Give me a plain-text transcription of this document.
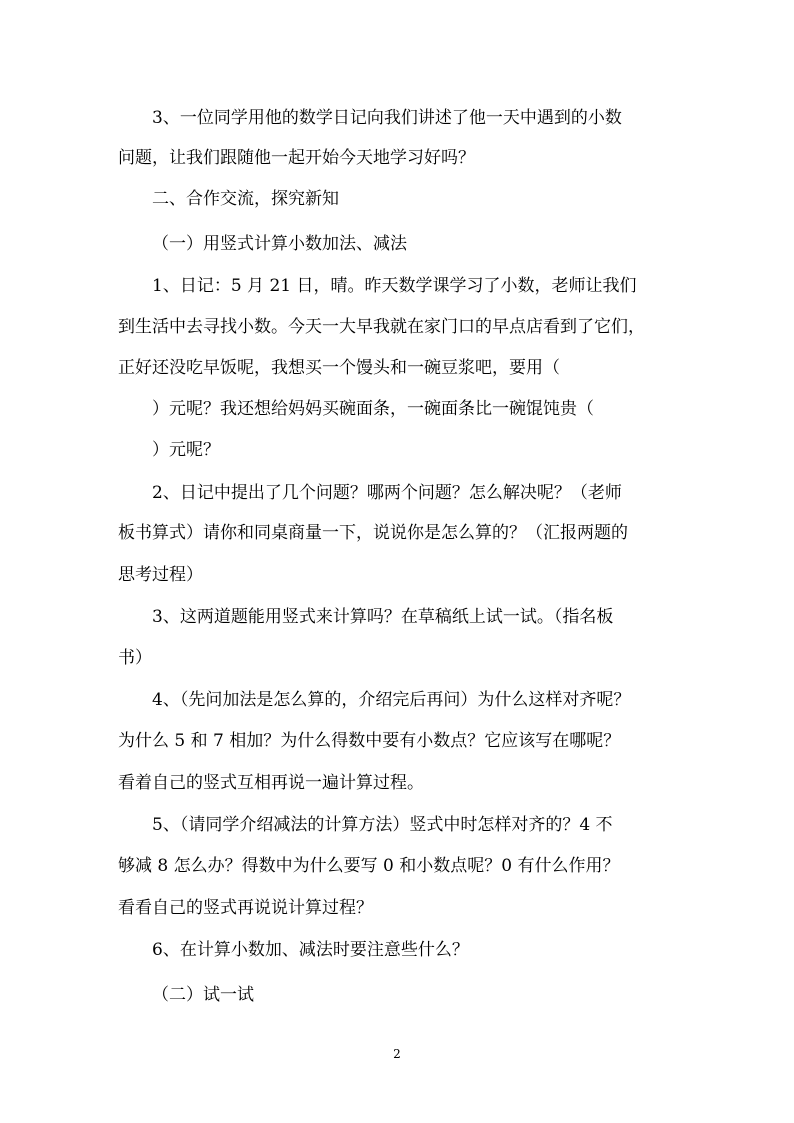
3、一位同学用他的数学日记向我们讲述了他一天中遇到的小数
问题，让我们跟随他一起开始今天地学习好吗？
二、合作交流，探究新知
（一）用竖式计算小数加法、减法
1、日记：5 月 21 日，晴。昨天数学课学习了小数，老师让我们
到生活中去寻找小数。今天一大早我就在家门口的早点店看到了它们，
正好还没吃早饭呢，我想买一个馒头和一碗豆浆吧，要用（
）元呢？我还想给妈妈买碗面条，一碗面条比一碗馄饨贵（
）元呢？
2、日记中提出了几个问题？哪两个问题？怎么解决呢？（老师
板书算式）请你和同桌商量一下，说说你是怎么算的？（汇报两题的
思考过程）
3、这两道题能用竖式来计算吗？在草稿纸上试一试。（指名板
书）
4、（先问加法是怎么算的，介绍完后再问）为什么这样对齐呢？
为什么 5 和 7 相加？为什么得数中要有小数点？它应该写在哪呢？
看着自己的竖式互相再说一遍计算过程。
5、（请同学介绍减法的计算方法）竖式中时怎样对齐的？4 不
够减 8 怎么办？得数中为什么要写 0 和小数点呢？0 有什么作用？
看看自己的竖式再说说计算过程？
6、在计算小数加、减法时要注意些什么？
（二）试一试
2
